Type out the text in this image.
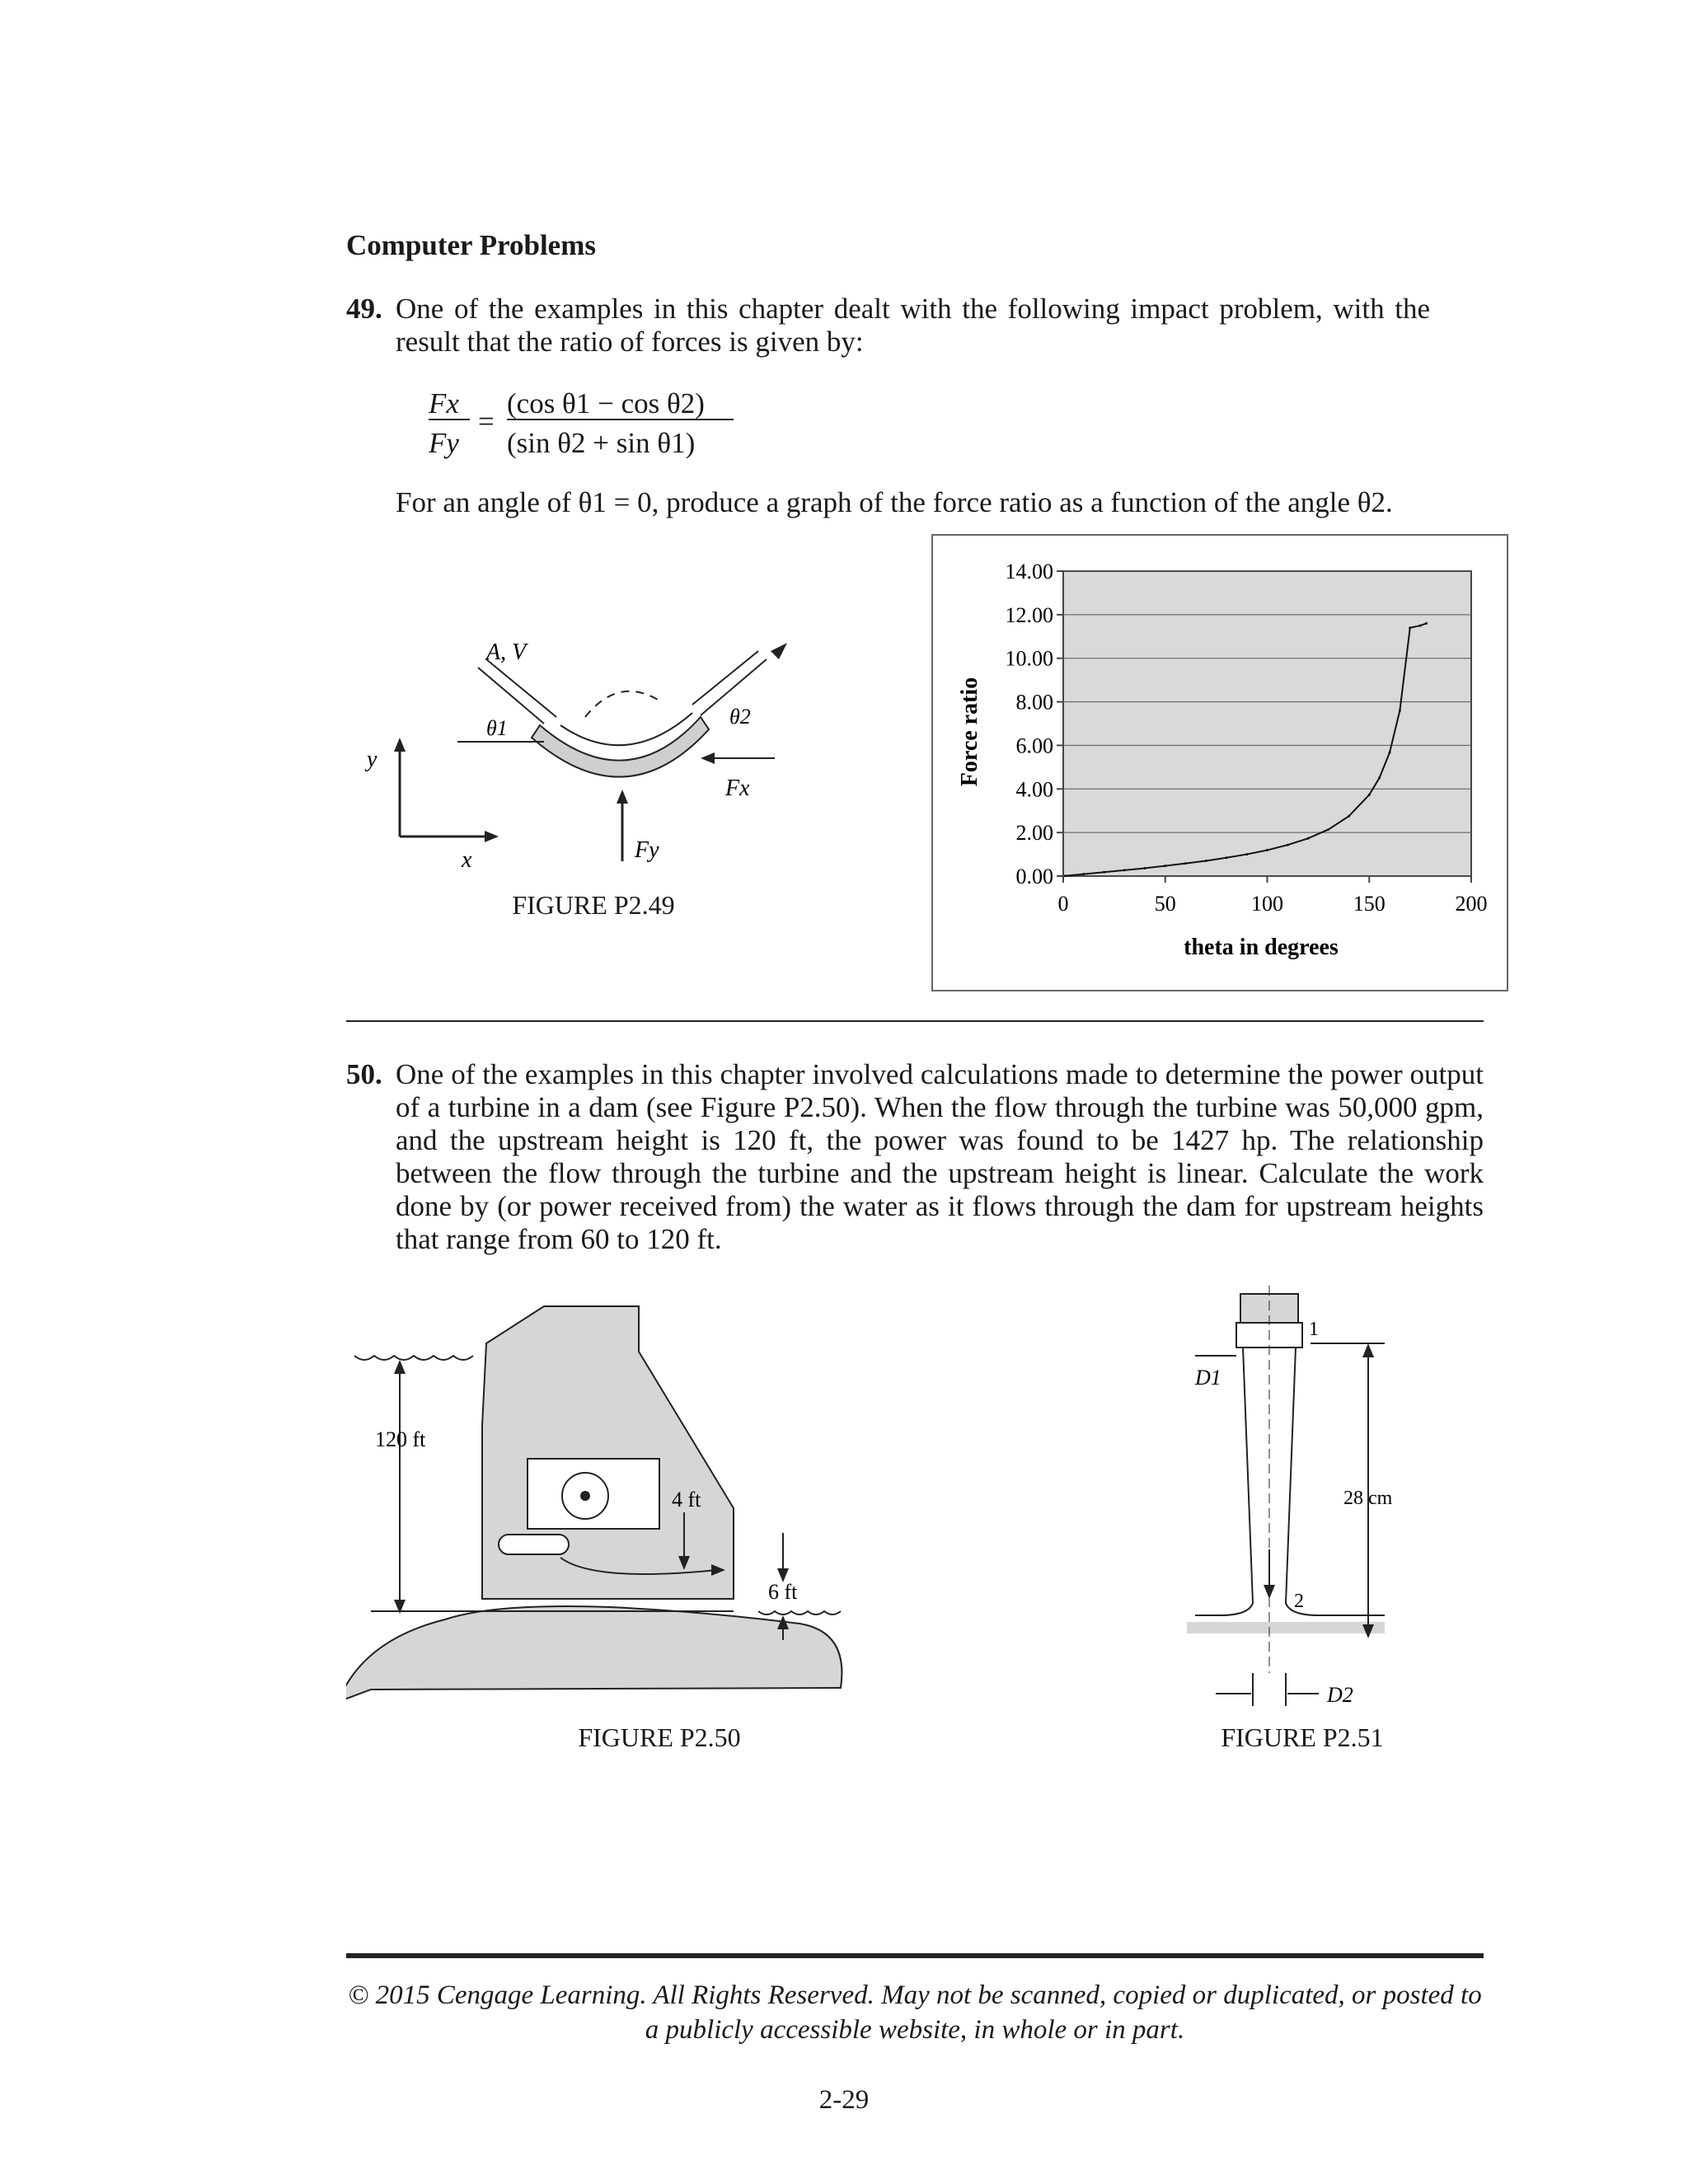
Computer Problems
49. One of the examples in this chapter dealt with the following impact problem, with the result that the ratio of forces is given by:
Fx
Fy
=
(cos θ1 − cos θ2)
(sin θ2 + sin θ1)
For an angle of θ1 = 0, produce a graph of the force ratio as a function of the angle θ2.
y
x
A, V
θ1	θ2
Fx
Fy
FIGURE P2.49
0.00
2.00
4.00
6.00
8.00
10.00
12.00
14.00
0	50	100	150	200
theta in degrees
Force ratio
50. One of the examples in this chapter involved calculations made to determine the power output of a turbine in a dam (see Figure P2.50). When the flow through the turbine was 50,000 gpm, and the upstream height is 120 ft, the power was found to be 1427 hp. The relationship between the flow through the turbine and the upstream height is linear. Calculate the work done by (or power received from) the water as it flows through the dam for upstream heights that range from 60 to 120 ft.
120 ft
4 ft
6 ft
FIGURE P2.50
D1
1
2
28 cm
D2
FIGURE P2.51
© 2015 Cengage Learning. All Rights Reserved. May not be scanned, copied or duplicated, or posted to a publicly accessible website, in whole or in part.
2-29
